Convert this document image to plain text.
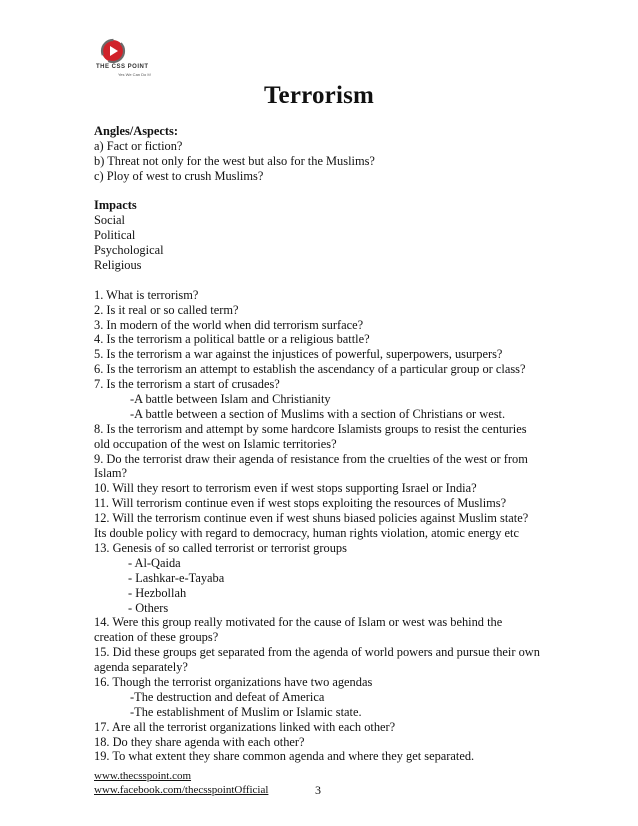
THE CSS POINT
Yes We Can Do It!
Terrorism
Angles/Aspects:
a) Fact or fiction?
b) Threat not only for the west but also for the Muslims?
c) Ploy of west to crush Muslims?
Impacts
Social
Political
Psychological
Religious
1. What is terrorism?
2. Is it real or so called term?
3. In modern of the world when did terrorism surface?
4. Is the terrorism a political battle or a religious battle?
5. Is the terrorism a war against the injustices of powerful, superpowers, usurpers?
6. Is the terrorism an attempt to establish the ascendancy of a particular group or class?
7. Is the terrorism a start of crusades?
-A battle between Islam and Christianity
-A battle between a section of Muslims with a section of Christians or west.
8. Is the terrorism and attempt by some hardcore Islamists groups to resist the centuries
old occupation of the west on Islamic territories?
9. Do the terrorist draw their agenda of resistance from the cruelties of the west or from
Islam?
10. Will they resort to terrorism even if west stops supporting Israel or India?
11. Will terrorism continue even if west stops exploiting the resources of Muslims?
12. Will the terrorism continue even if west shuns biased policies against Muslim state?
Its double policy with regard to democracy, human rights violation, atomic energy etc
13. Genesis of so called terrorist or terrorist groups
- Al-Qaida
- Lashkar-e-Tayaba
- Hezbollah
- Others
14. Were this group really motivated for the cause of Islam or west was behind the
creation of these groups?
15. Did these groups get separated from the agenda of world powers and pursue their own
agenda separately?
16. Though the terrorist organizations have two agendas
-The destruction and defeat of America
-The establishment of Muslim or Islamic state.
17. Are all the terrorist organizations linked with each other?
18. Do they share agenda with each other?
19. To what extent they share common agenda and where they get separated.
www.thecsspoint.com
www.facebook.com/thecsspointOfficial	3
